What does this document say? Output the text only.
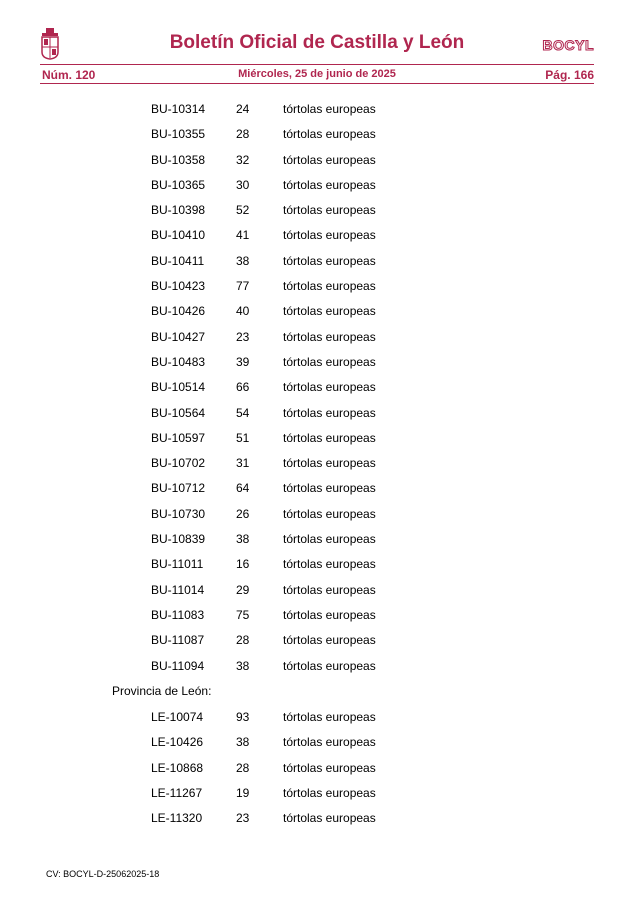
Boletín Oficial de Castilla y León	BOCYL
Núm. 120	Miércoles, 25 de junio de 2025	Pág. 166
BU-10314	24	tórtolas europeas
BU-10355	28	tórtolas europeas
BU-10358	32	tórtolas europeas
BU-10365	30	tórtolas europeas
BU-10398	52	tórtolas europeas
BU-10410	41	tórtolas europeas
BU-10411	38	tórtolas europeas
BU-10423	77	tórtolas europeas
BU-10426	40	tórtolas europeas
BU-10427	23	tórtolas europeas
BU-10483	39	tórtolas europeas
BU-10514	66	tórtolas europeas
BU-10564	54	tórtolas europeas
BU-10597	51	tórtolas europeas
BU-10702	31	tórtolas europeas
BU-10712	64	tórtolas europeas
BU-10730	26	tórtolas europeas
BU-10839	38	tórtolas europeas
BU-11011	16	tórtolas europeas
BU-11014	29	tórtolas europeas
BU-11083	75	tórtolas europeas
BU-11087	28	tórtolas europeas
BU-11094	38	tórtolas europeas
Provincia de León:
LE-10074	93	tórtolas europeas
LE-10426	38	tórtolas europeas
LE-10868	28	tórtolas europeas
LE-11267	19	tórtolas europeas
LE-11320	23	tórtolas europeas
CV: BOCYL-D-25062025-18
